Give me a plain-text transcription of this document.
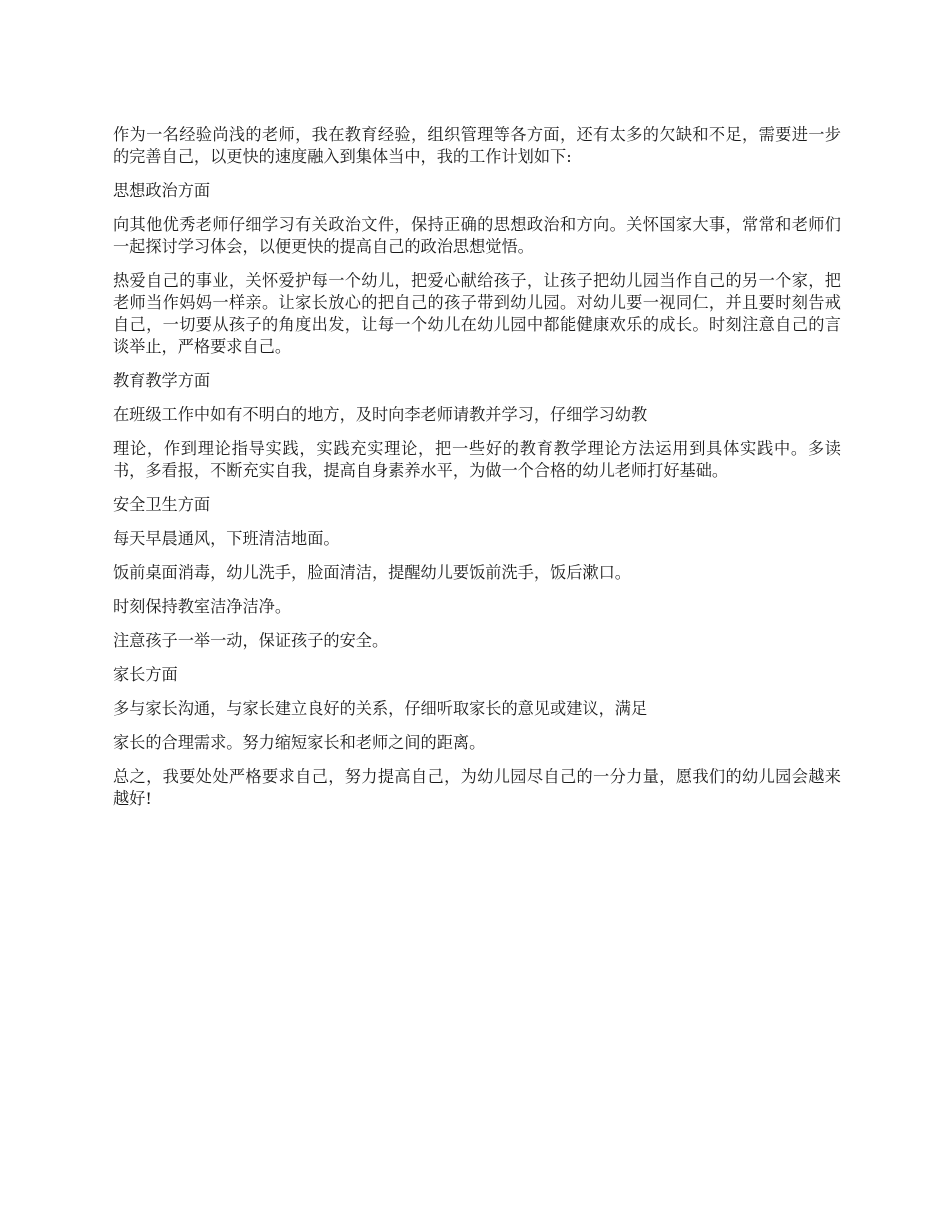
作为一名经验尚浅的老师，我在教育经验，组织管理等各方面，还有太多的欠缺和不足，需要进一步的完善自己，以更快的速度融入到集体当中，我的工作计划如下:

思想政治方面

向其他优秀老师仔细学习有关政治文件，保持正确的思想政治和方向。关怀国家大事，常常和老师们一起探讨学习体会，以便更快的提高自己的政治思想觉悟。

热爱自己的事业，关怀爱护每一个幼儿，把爱心献给孩子，让孩子把幼儿园当作自己的另一个家，把老师当作妈妈一样亲。让家长放心的把自己的孩子带到幼儿园。对幼儿要一视同仁，并且要时刻告戒自己，一切要从孩子的角度出发，让每一个幼儿在幼儿园中都能健康欢乐的成长。时刻注意自己的言谈举止，严格要求自己。

教育教学方面

在班级工作中如有不明白的地方，及时向李老师请教并学习，仔细学习幼教

理论，作到理论指导实践，实践充实理论，把一些好的教育教学理论方法运用到具体实践中。多读书，多看报，不断充实自我，提高自身素养水平，为做一个合格的幼儿老师打好基础。

安全卫生方面

每天早晨通风，下班清洁地面。

饭前桌面消毒，幼儿洗手，脸面清洁，提醒幼儿要饭前洗手，饭后漱口。

时刻保持教室洁净洁净。

注意孩子一举一动，保证孩子的安全。

家长方面

多与家长沟通，与家长建立良好的关系，仔细听取家长的意见或建议，满足

家长的合理需求。努力缩短家长和老师之间的距离。

总之，我要处处严格要求自己，努力提高自己，为幼儿园尽自己的一分力量，愿我们的幼儿园会越来越好!
